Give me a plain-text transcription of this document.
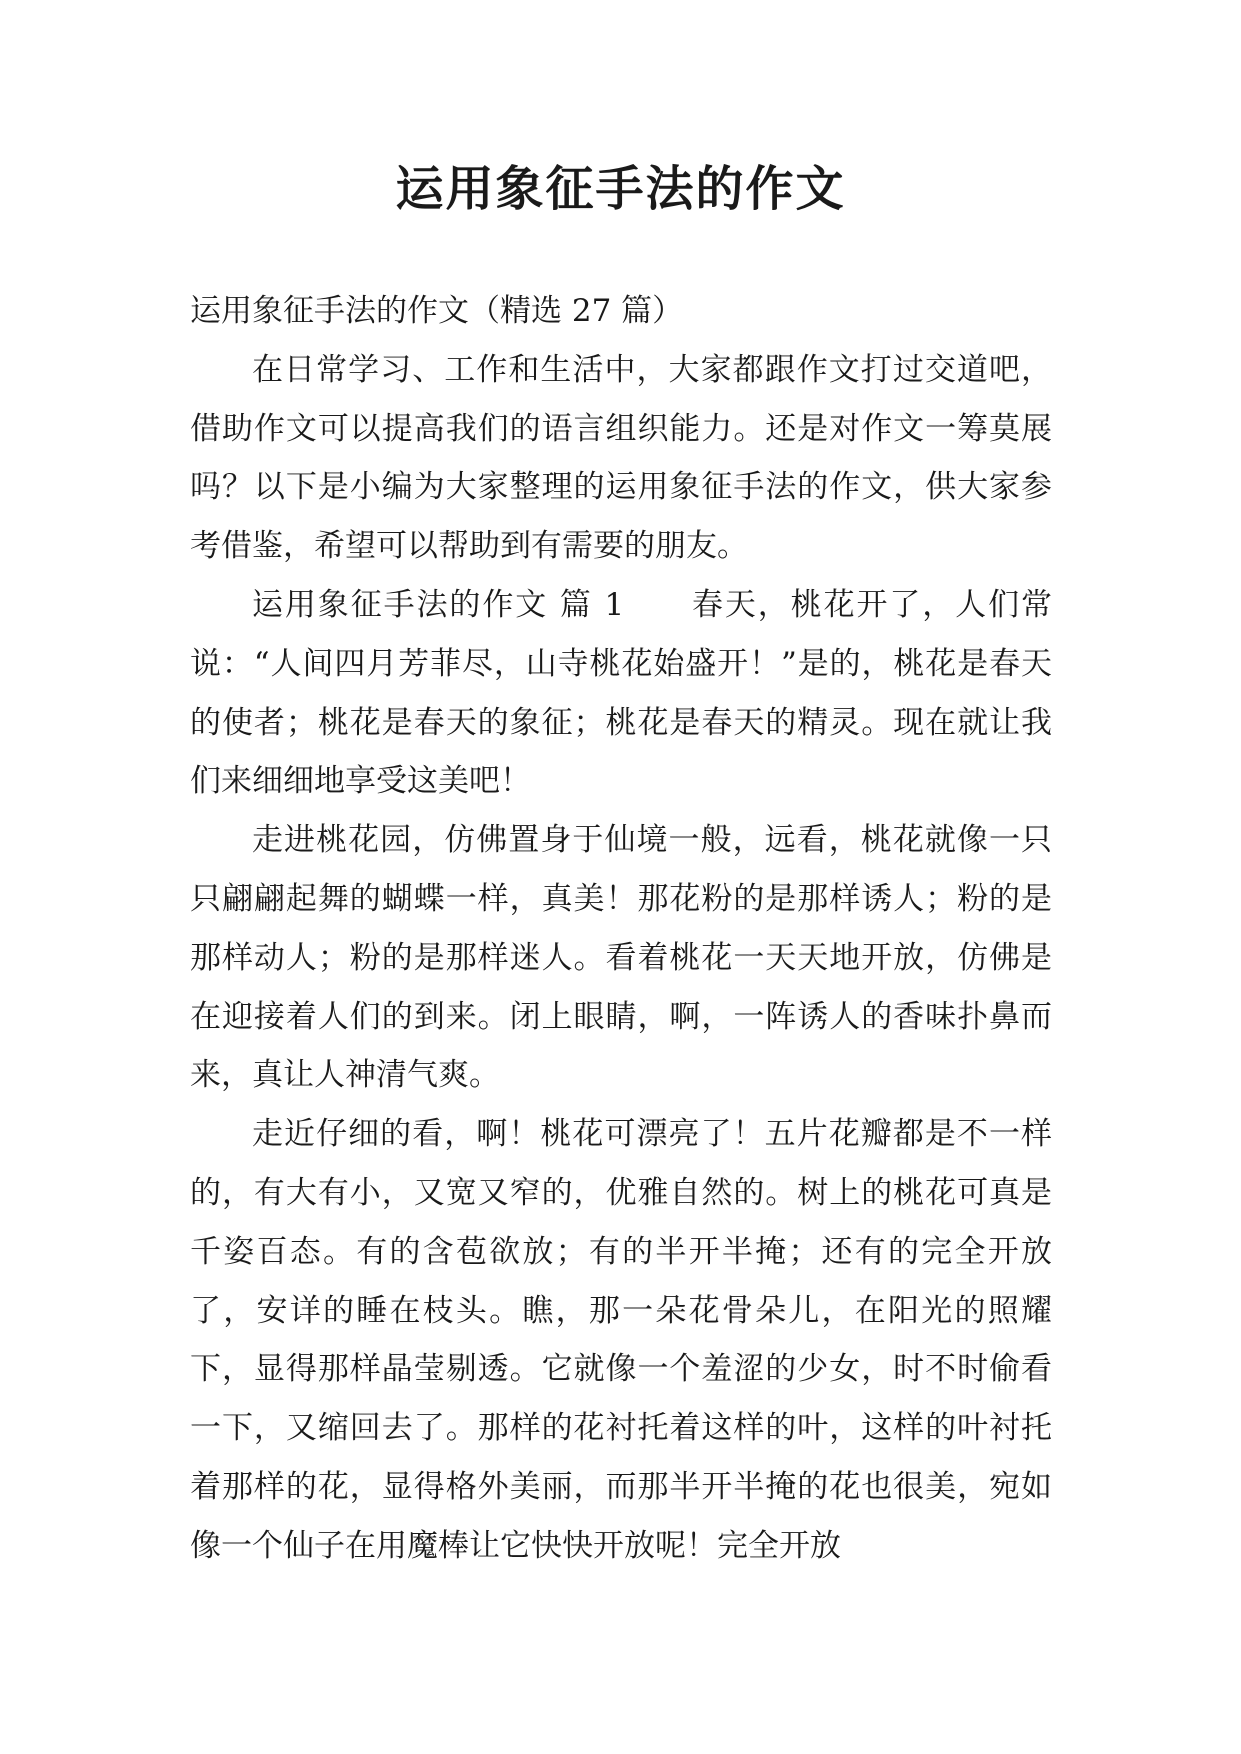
运用象征手法的作文

运用象征手法的作文（精选 27 篇）

在日常学习、工作和生活中，大家都跟作文打过交道吧，借助作文可以提高我们的语言组织能力。还是对作文一筹莫展吗？以下是小编为大家整理的运用象征手法的作文，供大家参考借鉴，希望可以帮助到有需要的朋友。

运用象征手法的作文 篇 1　　春天，桃花开了，人们常说：“人间四月芳菲尽，山寺桃花始盛开！”是的，桃花是春天的使者；桃花是春天的象征；桃花是春天的精灵。现在就让我们来细细地享受这美吧！

走进桃花园，仿佛置身于仙境一般，远看，桃花就像一只只翩翩起舞的蝴蝶一样，真美！那花粉的是那样诱人；粉的是那样动人；粉的是那样迷人。看着桃花一天天地开放，仿佛是在迎接着人们的到来。闭上眼睛，啊，一阵诱人的香味扑鼻而来，真让人神清气爽。

走近仔细的看，啊！桃花可漂亮了！五片花瓣都是不一样的，有大有小，又宽又窄的，优雅自然的。树上的桃花可真是千姿百态。有的含苞欲放；有的半开半掩；还有的完全开放了，安详的睡在枝头。瞧，那一朵花骨朵儿，在阳光的照耀下，显得那样晶莹剔透。它就像一个羞涩的少女，时不时偷看一下，又缩回去了。那样的花衬托着这样的叶，这样的叶衬托着那样的花，显得格外美丽，而那半开半掩的花也很美，宛如像一个仙子在用魔棒让它快快开放呢！完全开放
